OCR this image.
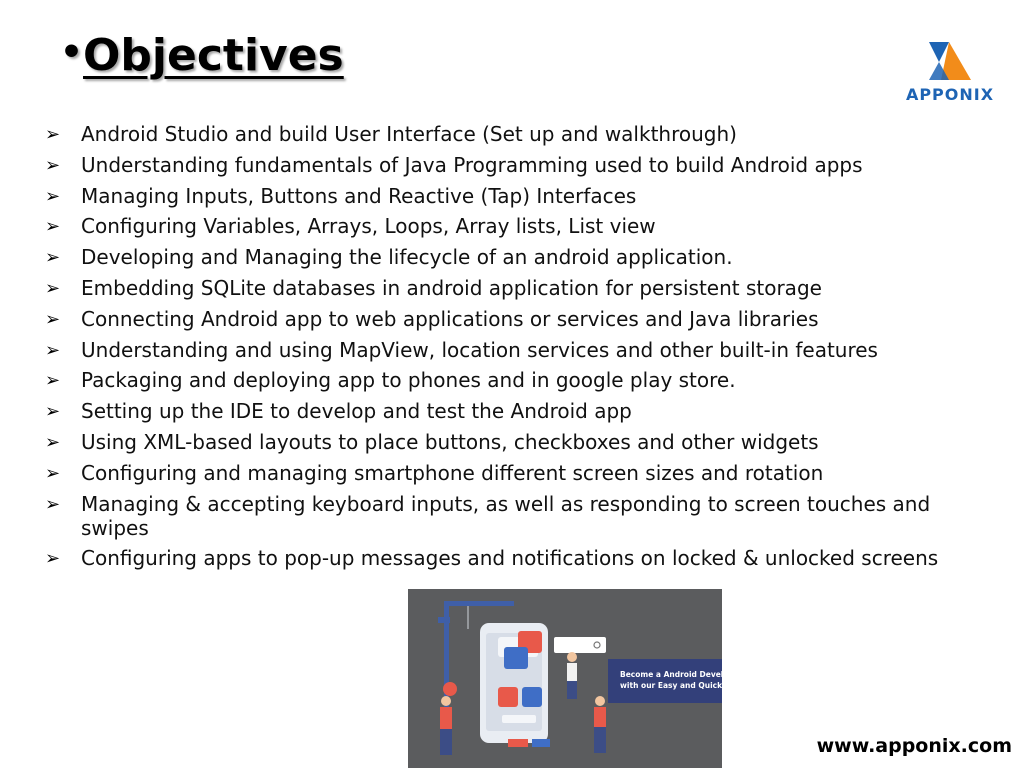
•Objectives
APPONIX
➢ Android Studio and build User Interface (Set up and walkthrough)
➢ Understanding fundamentals of Java Programming used to build Android apps
➢ Managing Inputs, Buttons and Reactive (Tap) Interfaces
➢ Configuring Variables, Arrays, Loops, Array lists, List view
➢ Developing and Managing the lifecycle of an android application.
➢ Embedding SQLite databases in android application for persistent storage
➢ Connecting Android app to web applications or services and Java libraries
➢ Understanding and using MapView, location services and other built-in features
➢ Packaging and deploying app to phones and in google play store.
➢ Setting up the IDE to develop and test the Android app
➢ Using XML-based layouts to place buttons, checkboxes and other widgets
➢ Configuring and managing smartphone different screen sizes and rotation
➢ Managing & accepting keyboard inputs, as well as responding to screen touches and swipes
➢ Configuring apps to pop-up messages and notifications on locked & unlocked screens
Become a Android Devel
with our Easy and Quick
www.apponix.com
